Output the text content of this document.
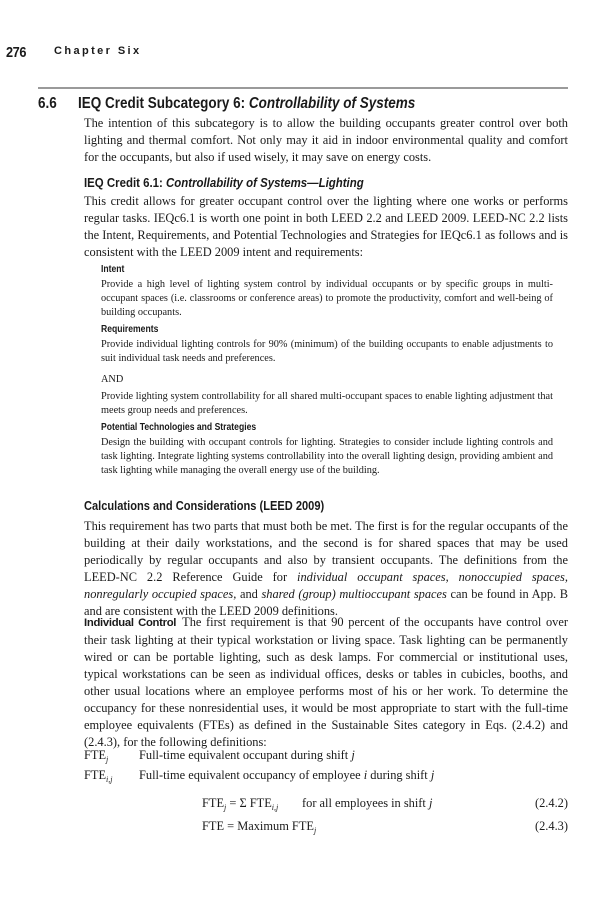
276	Chapter Six
6.6 IEQ Credit Subcategory 6: Controllability of Systems

The intention of this subcategory is to allow the building occupants greater control over both lighting and thermal comfort. Not only may it aid in indoor environmental quality and comfort for the occupants, but also if used wisely, it may save on energy costs.

IEQ Credit 6.1: Controllability of Systems—Lighting

This credit allows for greater occupant control over the lighting where one works or performs regular tasks. IEQc6.1 is worth one point in both LEED 2.2 and LEED 2009. LEED-NC 2.2 lists the Intent, Requirements, and Potential Technologies and Strategies for IEQc6.1 as follows and is consistent with the LEED 2009 intent and requirements:

Intent

Provide a high level of lighting system control by individual occupants or by specific groups in multi-occupant spaces (i.e. classrooms or conference areas) to promote the productivity, comfort and well-being of building occupants.

Requirements

Provide individual lighting controls for 90% (minimum) of the building occupants to enable adjustments to suit individual task needs and preferences.

AND

Provide lighting system controllability for all shared multi-occupant spaces to enable lighting adjustment that meets group needs and preferences.

Potential Technologies and Strategies

Design the building with occupant controls for lighting. Strategies to consider include lighting controls and task lighting. Integrate lighting systems controllability into the overall lighting design, providing ambient and task lighting while managing the overall energy use of the building.

Calculations and Considerations (LEED 2009)

This requirement has two parts that must both be met. The first is for the regular occupants of the building at their daily workstations, and the second is for shared spaces that may be used periodically by regular occupants and also by transient occupants. The definitions from the LEED-NC 2.2 Reference Guide for individual occupant spaces, nonoccupied spaces, nonregularly occupied spaces, and shared (group) multioccupant spaces can be found in App. B and are consistent with the LEED 2009 definitions.

Individual Control The first requirement is that 90 percent of the occupants have control over their task lighting at their typical workstation or living space. Task lighting can be permanently wired or can be portable lighting, such as desk lamps. For commercial or institutional uses, typical workstations can be seen as individual offices, desks or tables in cubicles, booths, and other usual locations where an employee performs most of his or her work. To determine the occupancy for these nonresidential uses, it would be most appropriate to start with the full-time employee equivalents (FTEs) as defined in the Sustainable Sites category in Eqs. (2.4.2) and (2.4.3), for the following definitions:

$FTE_j$ Full-time equivalent occupant during shift j
$FTE_{i,j}$ Full-time equivalent occupancy of employee i during shift j
$FTE_j = \Sigma$ $FTE_{i,j}$ for all employees in shift j	(2.4.2)
FTE = Maximum $FTE_j$	(2.4.3)
